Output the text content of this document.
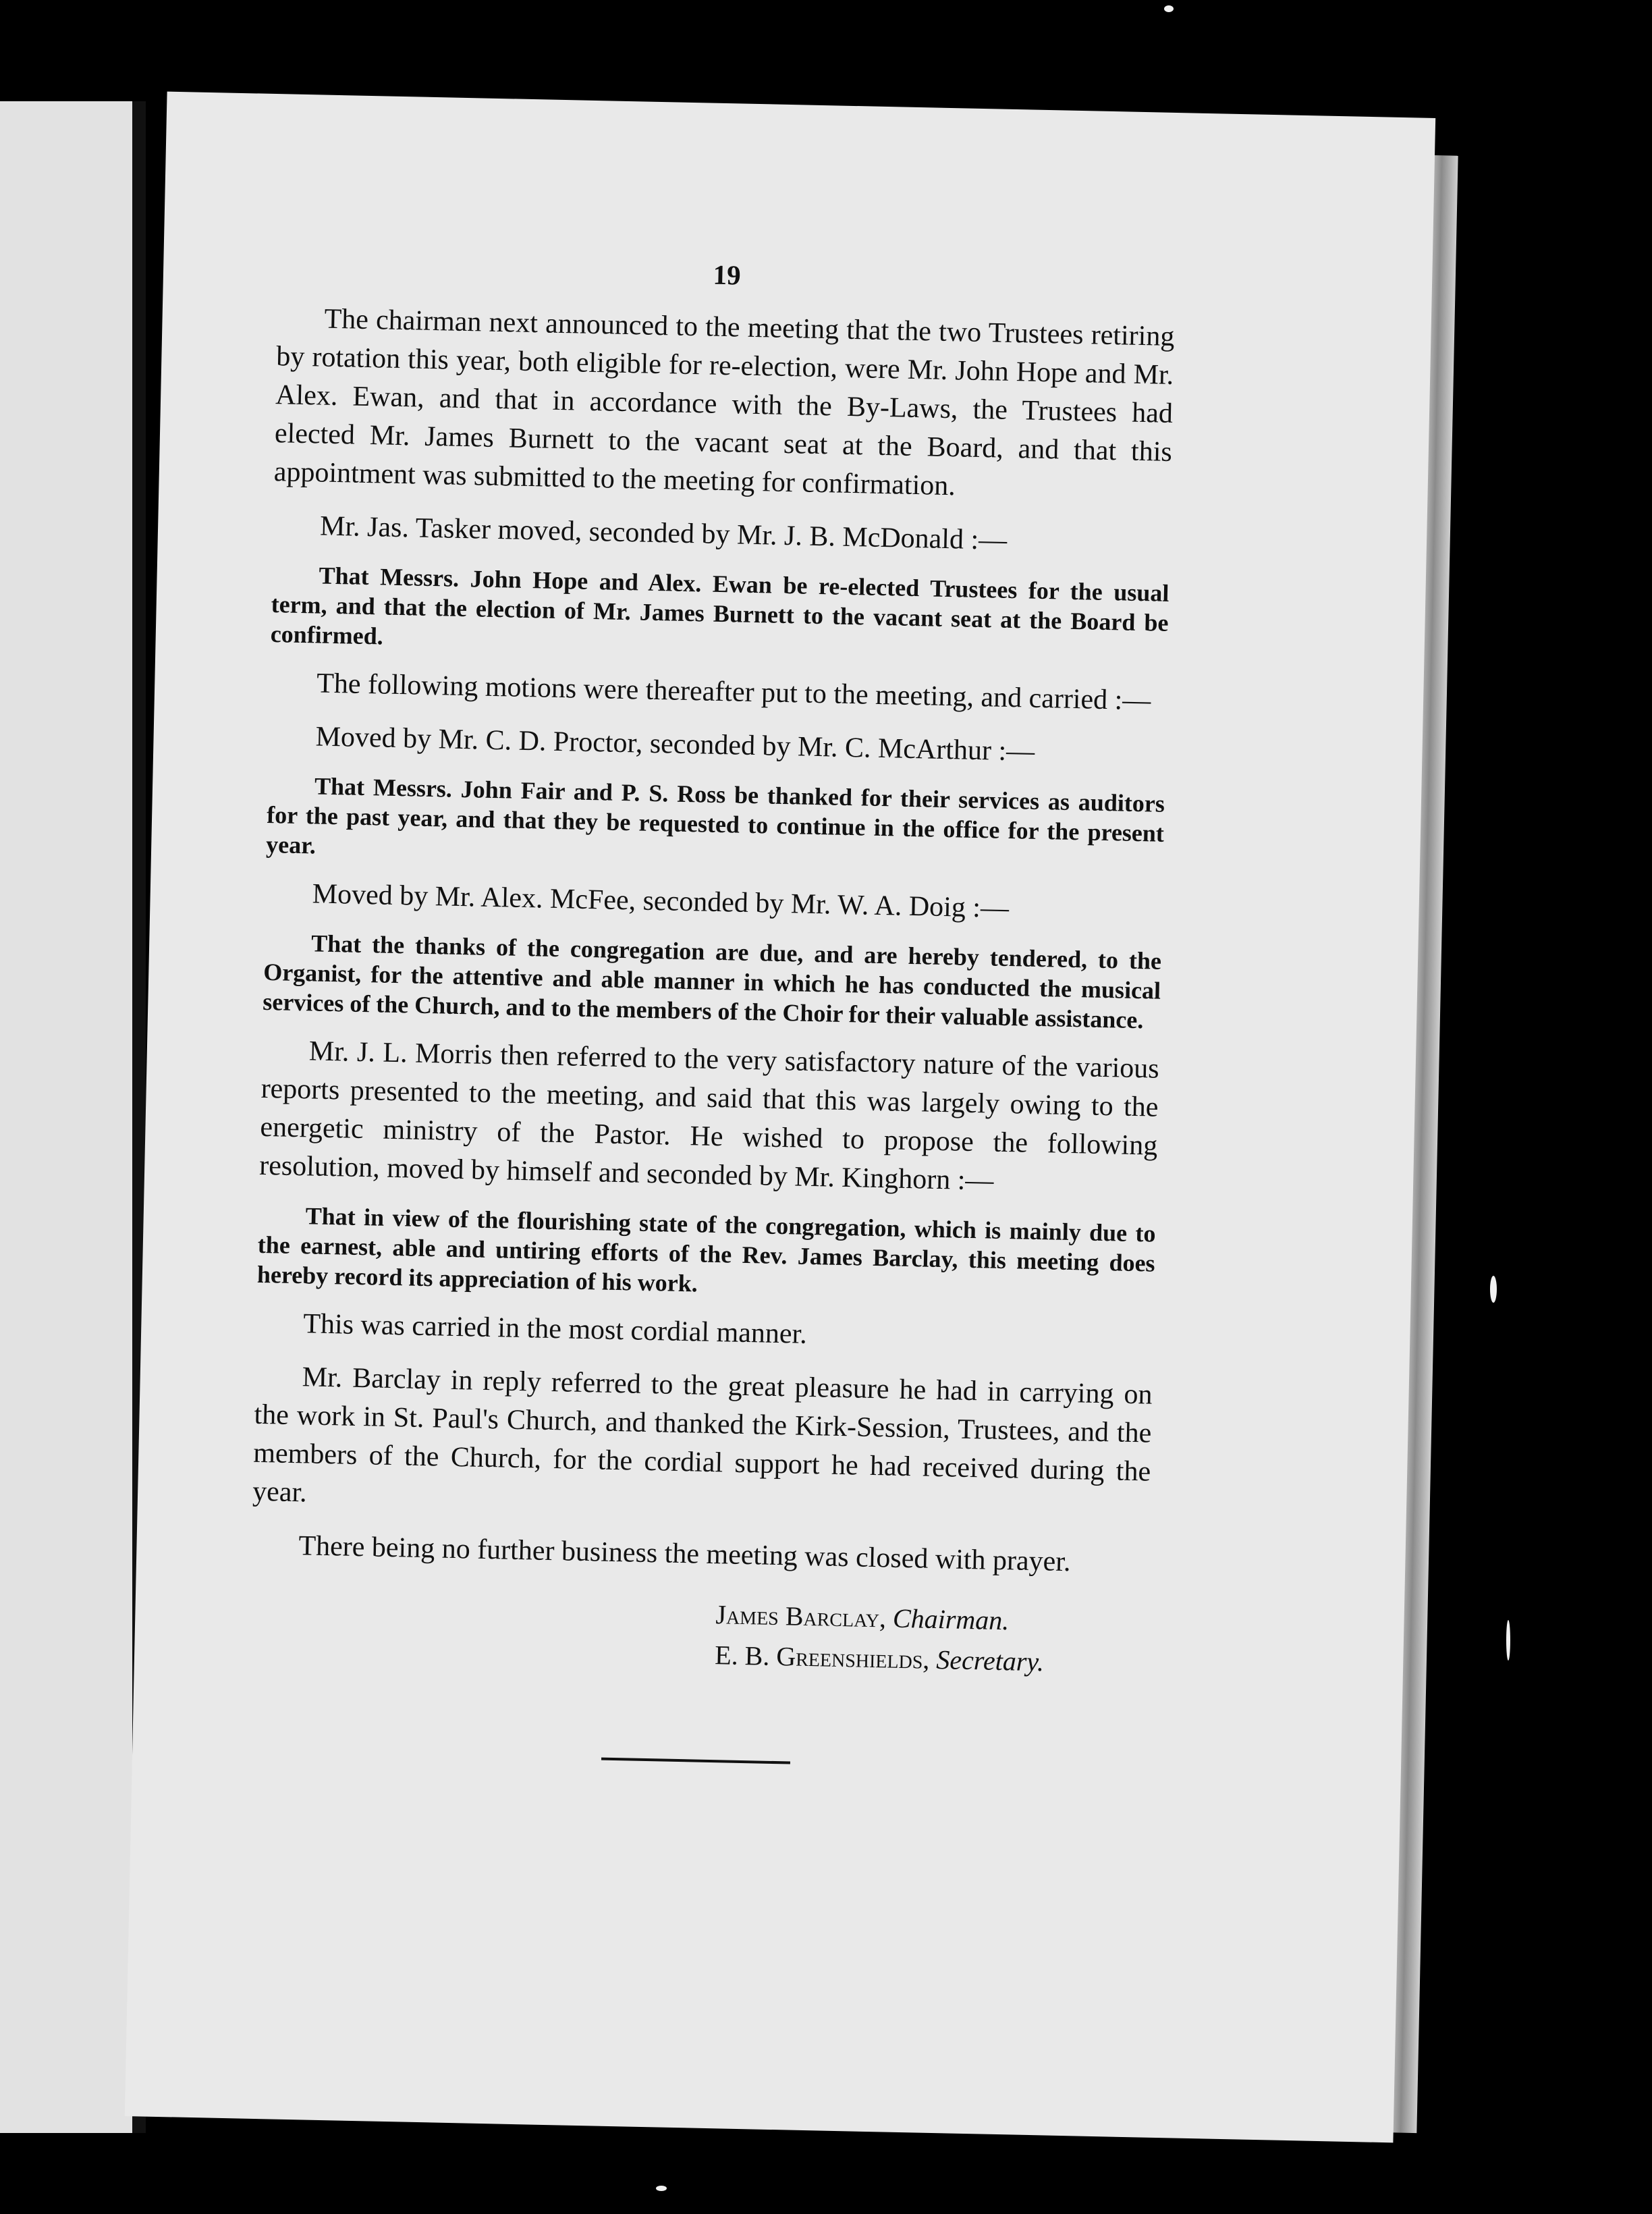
19

The chairman next announced to the meeting that the two Trustees retiring by rotation this year, both eligible for re-election, were Mr. John Hope and Mr. Alex. Ewan, and that in accordance with the By-Laws, the Trustees had elected Mr. James Burnett to the vacant seat at the Board, and that this appointment was submitted to the meeting for confirmation.

Mr. Jas. Tasker moved, seconded by Mr. J. B. McDonald :—

That Messrs. John Hope and Alex. Ewan be re-elected Trustees for the usual term, and that the election of Mr. James Burnett to the vacant seat at the Board be confirmed.

The following motions were thereafter put to the meeting, and carried :—

Moved by Mr. C. D. Proctor, seconded by Mr. C. McArthur :—

That Messrs. John Fair and P. S. Ross be thanked for their services as auditors for the past year, and that they be requested to continue in the office for the present year.

Moved by Mr. Alex. McFee, seconded by Mr. W. A. Doig :—

That the thanks of the congregation are due, and are hereby tendered, to the Organist, for the attentive and able manner in which he has conducted the musical services of the Church, and to the members of the Choir for their valuable assistance.

Mr. J. L. Morris then referred to the very satisfactory nature of the various reports presented to the meeting, and said that this was largely owing to the energetic ministry of the Pastor. He wished to propose the following resolution, moved by himself and seconded by Mr. Kinghorn :—

That in view of the flourishing state of the congregation, which is mainly due to the earnest, able and untiring efforts of the Rev. James Barclay, this meeting does hereby record its appreciation of his work.

This was carried in the most cordial manner.

Mr. Barclay in reply referred to the great pleasure he had in carrying on the work in St. Paul's Church, and thanked the Kirk-Session, Trustees, and the members of the Church, for the cordial support he had received during the year.

There being no further business the meeting was closed with prayer.

James Barclay, Chairman.
E. B. Greenshields, Secretary.
